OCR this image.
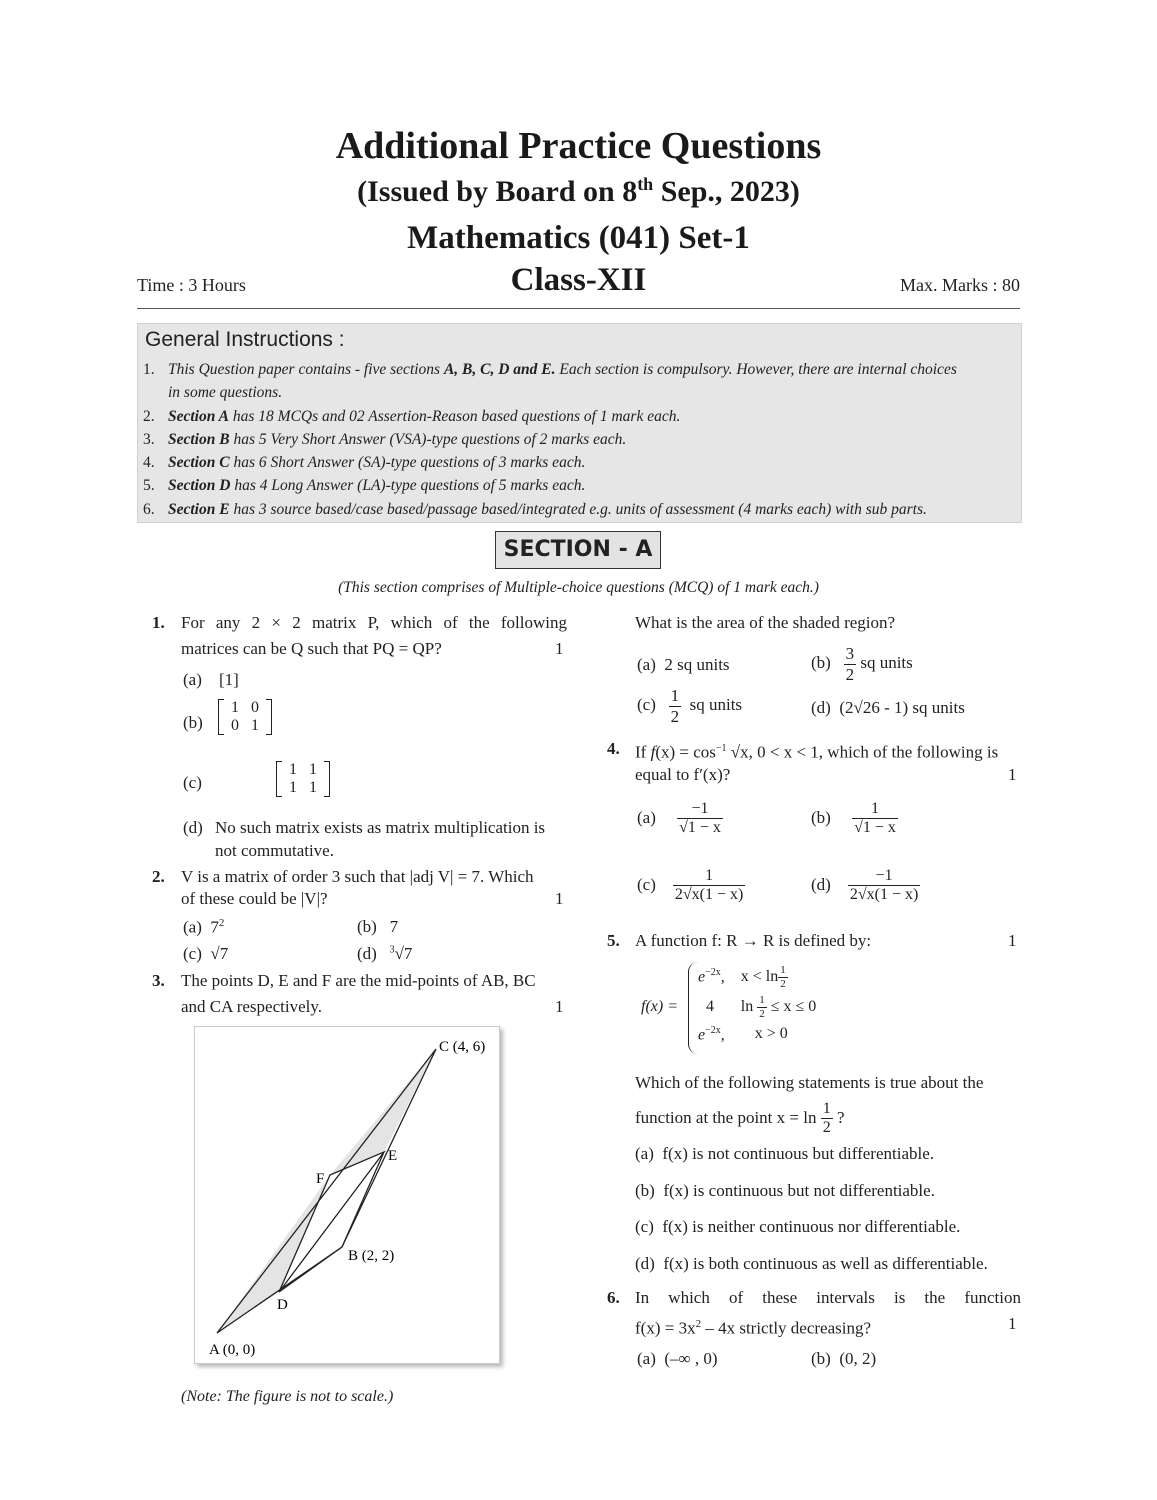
Additional Practice Questions
(Issued by Board on 8th Sep., 2023)
Mathematics (041) Set-1
Class-XII
Time : 3 Hours	Max. Marks : 80
General Instructions :
1. This Question paper contains - five sections A, B, C, D and E. Each section is compulsory. However, there are internal choices
in some questions.
2. Section A has 18 MCQs and 02 Assertion-Reason based questions of 1 mark each.
3. Section B has 5 Very Short Answer (VSA)-type questions of 2 marks each.
4. Section C has 6 Short Answer (SA)-type questions of 3 marks each.
5. Section D has 4 Long Answer (LA)-type questions of 5 marks each.
6. Section E has 3 source based/case based/passage based/integrated e.g. units of assessment (4 marks each) with sub parts.
SECTION - A
(This section comprises of Multiple-choice questions (MCQ) of 1 mark each.)
1. For any 2 × 2 matrix P, which of the following
matrices can be Q such that PQ = QP?	1
(a) [1]
(b)
1	0
0	1

(c)
1	1
1	1
(d) No such matrix exists as matrix multiplication is
not commutative.
2. V is a matrix of order 3 such that |adj V| = 7. Which
of these could be |V|?	1
(a) $7^2$	(b) 7
(c) √7	(d) $^3$√7
3. The points D, E and F are the mid-points of AB, BC
and CA respectively.	1
C (4, 6)
E
F
B (2, 2)
D
A (0, 0)
(Note: The figure is not to scale.)
What is the area of the shaded region?
(a) 2 sq units	$(b) \frac{3}{2}$ sq units
$(c) \frac{1}{2}$ sq units	(d) (2√26 - 1) sq units
4. If $f(x) = \cos^{-1} √x$, 0 < x < 1, which of the following is
equal to f′(x)?	1
$(a) \frac{-1}{√1 - x}$	$(b) \frac{1}{√1 - x}$
$(c) \frac{1}{2√x(1 - x)}$	$(d) \frac{-1}{2√x(1 - x)}$
5. A function f: R → R is defined by:	1
f(x) =
$e^{-2x}$,	$x < \ln \frac{1}{2}$

4	$\ln \frac{1}{2} \le x \le 0$
$e^{-2x}$,	x > 0
Which of the following statements is true about the
function at the point $x = \ln \frac{1}{2}$ ?
(a) f(x) is not continuous but differentiable.
(b) f(x) is continuous but not differentiable.
(c) f(x) is neither continuous nor differentiable.
(d) f(x) is both continuous as well as differentiable.
6. In which of these intervals is the function
$f(x) = 3x^2 - 4x$ strictly decreasing?	1
(a) (–∞ , 0)	(b) (0, 2)
